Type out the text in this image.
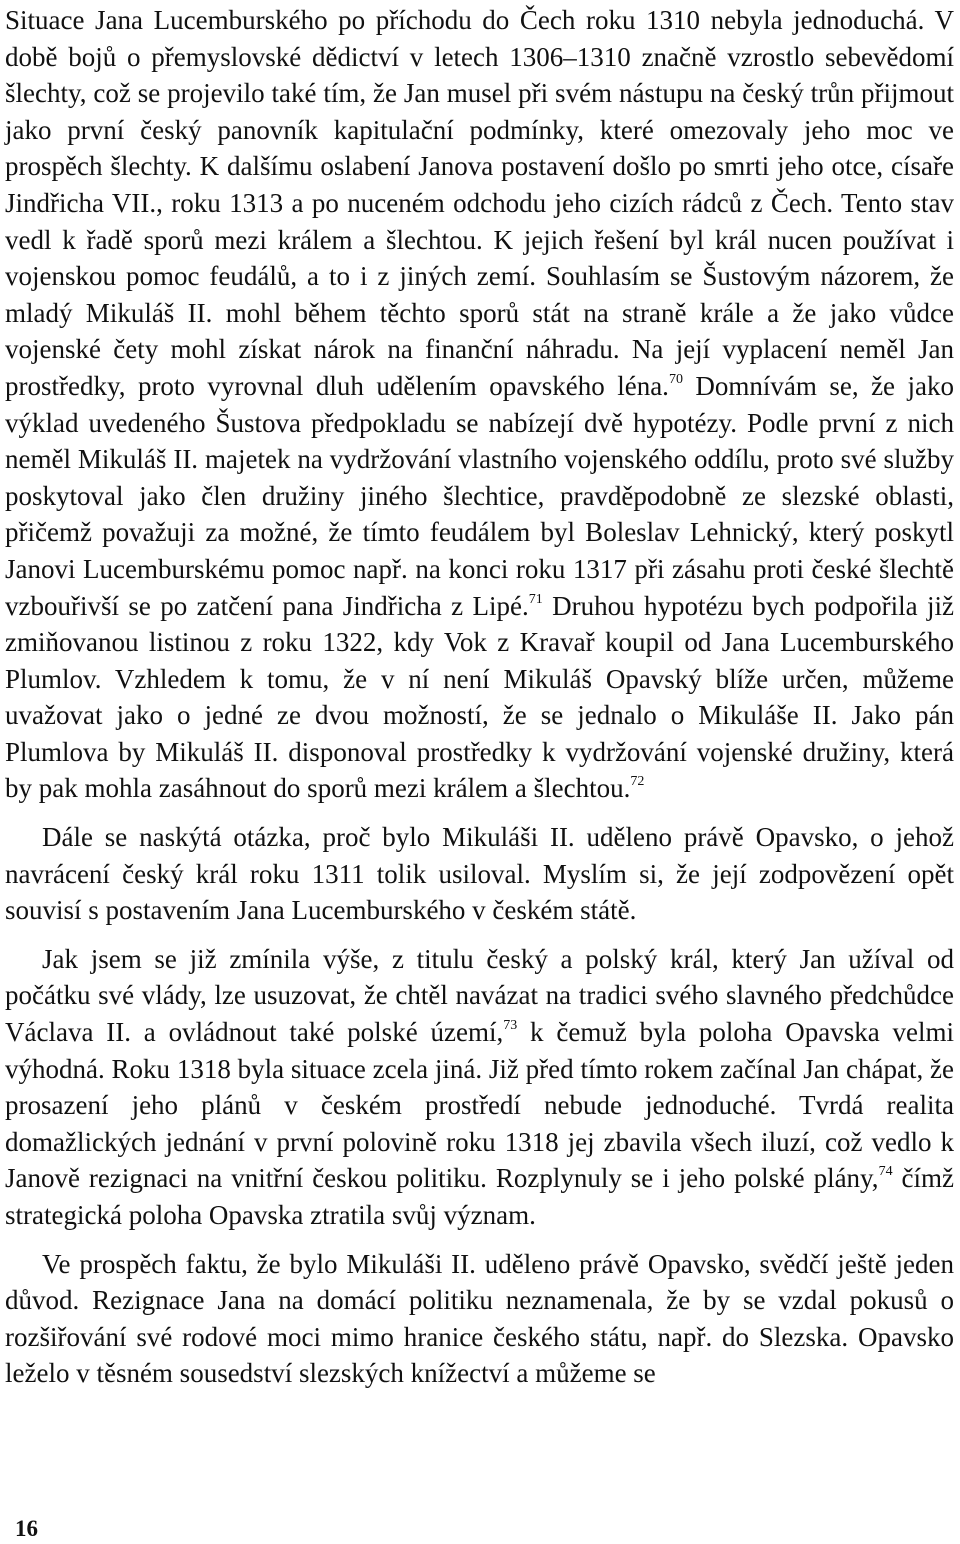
Situace Jana Lucemburského po příchodu do Čech roku 1310 nebyla jednoduchá. V době bojů o přemyslovské dědictví v letech 1306–1310 značně vzrostlo sebevědomí šlechty, což se projevilo také tím, že Jan musel při svém nástupu na český trůn přijmout jako první český panovník kapitulační podmínky, které omezovaly jeho moc ve prospěch šlechty. K dalšímu oslabení Janova postavení došlo po smrti jeho otce, císaře Jindřicha VII., roku 1313 a po nuceném odchodu jeho cizích rádců z Čech. Tento stav vedl k řadě sporů mezi králem a šlechtou. K jejich řešení byl král nucen používat i vojenskou pomoc feudálů, a to i z jiných zemí. Souhlasím se Šustovým názorem, že mladý Mikuláš II. mohl během těchto sporů stát na straně krále a že jako vůdce vojenské čety mohl získat nárok na finanční náhradu. Na její vyplacení neměl Jan prostředky, proto vyrovnal dluh udělením opavského léna.$^{70}$ Domnívám se, že jako výklad uvedeného Šustova předpokladu se nabízejí dvě hypotézy. Podle první z nich neměl Mikuláš II. majetek na vydržování vlastního vojenského oddílu, proto své služby poskytoval jako člen družiny jiného šlechtice, pravděpodobně ze slezské oblasti, přičemž považuji za možné, že tímto feudálem byl Boleslav Lehnický, který poskytl Janovi Lucemburskému pomoc např. na konci roku 1317 při zásahu proti české šlechtě vzbouřivší se po zatčení pana Jindřicha z Lipé.$^{71}$ Druhou hypotézu bych podpořila již zmiňovanou listinou z roku 1322, kdy Vok z Kravař koupil od Jana Lucemburského Plumlov. Vzhledem k tomu, že v ní není Mikuláš Opavský blíže určen, můžeme uvažovat jako o jedné ze dvou možností, že se jednalo o Mikuláše II. Jako pán Plumlova by Mikuláš II. disponoval prostředky k vydržování vojenské družiny, která by pak mohla zasáhnout do sporů mezi králem a šlechtou.$^{72}$

Dále se naskýtá otázka, proč bylo Mikuláši II. uděleno právě Opavsko, o jehož navrácení český král roku 1311 tolik usiloval. Myslím si, že její zodpovězení opět souvisí s postavením Jana Lucemburského v českém státě.

Jak jsem se již zmínila výše, z titulu český a polský král, který Jan užíval od počátku své vlády, lze usuzovat, že chtěl navázat na tradici svého slavného předchůdce Václava II. a ovládnout také polské území,$^{73}$ k čemuž byla poloha Opavska velmi výhodná. Roku 1318 byla situace zcela jiná. Již před tímto rokem začínal Jan chápat, že prosazení jeho plánů v českém prostředí nebude jednoduché. Tvrdá realita domažlických jednání v první polovině roku 1318 jej zbavila všech iluzí, což vedlo k Janově rezignaci na vnitřní českou politiku. Rozplynuly se i jeho polské plány,$^{74}$ čímž strategická poloha Opavska ztratila svůj význam.

Ve prospěch faktu, že bylo Mikuláši II. uděleno právě Opavsko, svědčí ještě jeden důvod. Rezignace Jana na domácí politiku neznamenala, že by se vzdal pokusů o rozšiřování své rodové moci mimo hranice českého státu, např. do Slezska. Opavsko leželo v těsném sousedství slezských knížectví a můžeme se

16
